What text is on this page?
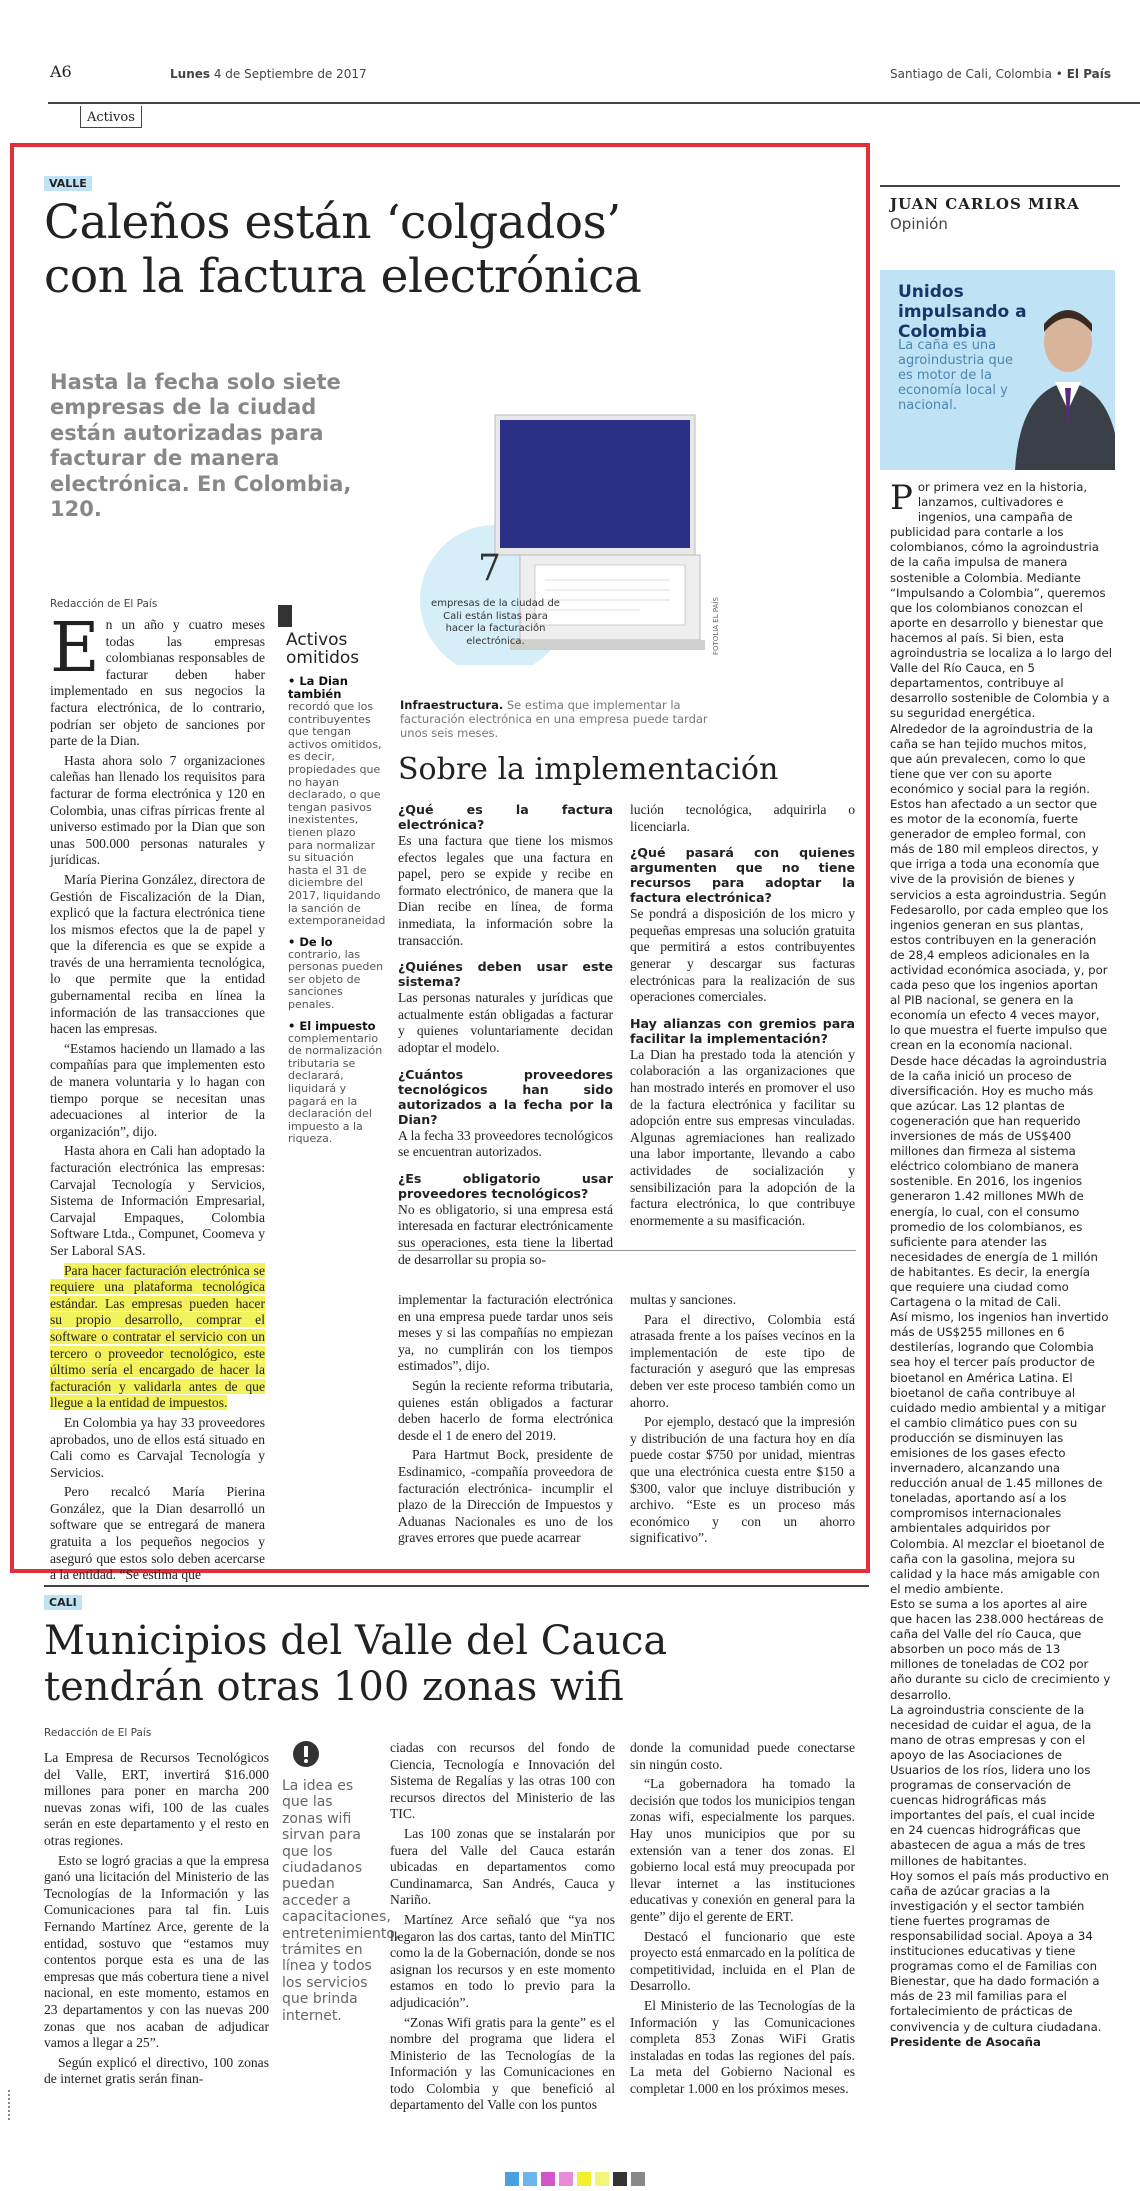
A6	Lunes 4 de Septiembre de 2017	Santiago de Cali, Colombia • El País
Activos
VALLE
Caleños están ‘colgados’
con la factura electrónica
Hasta la fecha solo siete empresas de la ciudad están autorizadas para facturar de manera electrónica. En Colombia, 120.
7
empresas de la ciudad de Cali están listas para hacer la facturación electrónica.	FOTOLIA EL PAÍS
Infraestructura. Se estima que implementar la facturación electrónica en una empresa puede tardar unos seis meses.
Redacción de El País
E n un año y cuatro meses todas las empresas colombianas responsables de facturar deben haber implementado en sus negocios la factura electrónica, de lo contrario, podrían ser objeto de sanciones por parte de la Dian.

Hasta ahora solo 7 organizaciones caleñas han llenado los requisitos para facturar de forma electrónica y 120 en Colombia, unas cifras pírricas frente al universo estimado por la Dian que son unas 500.000 personas naturales y jurídicas.

María Pierina González, directora de Gestión de Fiscalización de la Dian, explicó que la factura electrónica tiene los mismos efectos que la de papel y que la diferencia es que se expide a través de una herramienta tecnológica, lo que permite que la entidad gubernamental reciba en línea la información de las transacciones que hacen las empresas.

“Estamos haciendo un llamado a las compañías para que implementen esto de manera voluntaria y lo hagan con tiempo porque se necesitan unas adecuaciones al interior de la organización”, dijo.

Hasta ahora en Cali han adoptado la facturación electrónica las empresas: Carvajal Tecnología y Servicios, Sistema de Información Empresarial, Carvajal Empaques, Colombia Software Ltda., Compunet, Coomeva y Ser Laboral SAS.

Para hacer facturación electrónica se requiere una plataforma tecnológica estándar. Las empresas pueden hacer su propio desarrollo, comprar el software o contratar el servicio con un tercero o proveedor tecnológico, este último sería el encargado de hacer la facturación y validarla antes de que llegue a la entidad de impuestos.

En Colombia ya hay 33 proveedores aprobados, uno de ellos está situado en Cali como es Carvajal Tecnología y Servicios.

Pero recalcó María Pierina González, que la Dian desarrolló un software que se entregará de manera gratuita a los pequeños negocios y aseguró que estos solo deben acercarse a la entidad. “Se estima que

Activos omitidos
• La Dian también
recordó que los contribuyentes que tengan activos omitidos, es decir, propiedades que no hayan declarado, o que tengan pasivos inexistentes, tienen plazo para normalizar su situación hasta el 31 de diciembre del 2017, liquidando la sanción de extemporaneidad
• De lo
contrario, las personas pueden ser objeto de sanciones penales.
• El impuesto
complementario de normalización tributaria se declarará, liquidará y pagará en la declaración del impuesto a la riqueza.
Sobre la implementación
¿Qué es la factura electrónica?

Es una factura que tiene los mismos efectos legales que una factura en papel, pero se expide y recibe en formato electrónico, de manera que la Dian recibe en línea, de forma inmediata, la información sobre la transacción.

¿Quiénes deben usar este sistema?

Las personas naturales y jurídicas que actualmente están obligadas a facturar y quienes voluntariamente decidan adoptar el modelo.

¿Cuántos proveedores tecnológicos han sido autorizados a la fecha por la Dian?

A la fecha 33 proveedores tecnológicos se encuentran autorizados.

¿Es obligatorio usar proveedores tecnológicos?

No es obligatorio, si una empresa está interesada en facturar electrónicamente sus operaciones, esta tiene la libertad de desarrollar su propia so-

lución tecnológica, adquirirla o licenciarla.

¿Qué pasará con quienes argumenten que no tiene recursos para adoptar la factura electrónica?

Se pondrá a disposición de los micro y pequeñas empresas una solución gratuita que permitirá a estos contribuyentes generar y descargar sus facturas electrónicas para la realización de sus operaciones comerciales.

Hay alianzas con gremios para facilitar la implementación?

La Dian ha prestado toda la atención y colaboración a las organizaciones que han mostrado interés en promover el uso de la factura electrónica y facilitar su adopción entre sus empresas vinculadas. Algunas agremiaciones han realizado una labor importante, llevando a cabo actividades de socialización y sensibilización para la adopción de la factura electrónica, lo que contribuye enormemente a su masificación.

implementar la facturación electrónica en una empresa puede tardar unos seis meses y si las compañías no empiezan ya, no cumplirán con los tiempos estimados”, dijo.

Según la reciente reforma tributaria, quienes están obligados a facturar deben hacerlo de forma electrónica desde el 1 de enero del 2019.

Para Hartmut Bock, presidente de Esdinamico, -compañía proveedora de facturación electrónica- incumplir el plazo de la Dirección de Impuestos y Aduanas Nacionales es uno de los graves errores que puede acarrear

multas y sanciones.

Para el directivo, Colombia está atrasada frente a los países vecinos en la implementación de este tipo de facturación y aseguró que las empresas deben ver este proceso también como un ahorro.

Por ejemplo, destacó que la impresión y distribución de una factura hoy en día puede costar $750 por unidad, mientras que una electrónica cuesta entre $150 a $300, valor que incluye distribución y archivo. “Este es un proceso más económico y con un ahorro significativo”.

JUAN CARLOS MIRA
Opinión
Unidos impulsando a Colombia
La caña es una agroindustria que es motor de la economía local y nacional.
P or primera vez en la historia, lanzamos, cultivadores e ingenios, una campaña de publicidad para contarle a los colombianos, cómo la agroindustria de la caña impulsa de manera sostenible a Colombia. Mediante “Impulsando a Colombia”, queremos que los colombianos conozcan el aporte en desarrollo y bienestar que hacemos al país. Si bien, esta agroindustria se localiza a lo largo del Valle del Río Cauca, en 5 departamentos, contribuye al desarrollo sostenible de Colombia y a su seguridad energética.

Alrededor de la agroindustria de la caña se han tejido muchos mitos, que aún prevalecen, como lo que tiene que ver con su aporte económico y social para la región. Estos han afectado a un sector que es motor de la economía, fuerte generador de empleo formal, con más de 180 mil empleos directos, y que irriga a toda una economía que vive de la provisión de bienes y servicios a esta agroindustria. Según Fedesarollo, por cada empleo que los ingenios generan en sus plantas, estos contribuyen en la generación de 28,4 empleos adicionales en la actividad económica asociada, y, por cada peso que los ingenios aportan al PIB nacional, se genera en la economía un efecto 4 veces mayor, lo que muestra el fuerte impulso que crean en la economía nacional.

Desde hace décadas la agroindustria de la caña inició un proceso de diversificación. Hoy es mucho más que azúcar. Las 12 plantas de cogeneración que han requerido inversiones de más de US$400 millones dan firmeza al sistema eléctrico colombiano de manera sostenible. En 2016, los ingenios generaron 1.42 millones MWh de energía, lo cual, con el consumo promedio de los colombianos, es suficiente para atender las necesidades de energía de 1 millón de habitantes. Es decir, la energía que requiere una ciudad como Cartagena o la mitad de Cali.

Así mismo, los ingenios han invertido más de US$255 millones en 6 destilerías, logrando que Colombia sea hoy el tercer país productor de bioetanol en América Latina. El bioetanol de caña contribuye al cuidado medio ambiental y a mitigar el cambio climático pues con su producción se disminuyen las emisiones de los gases efecto invernadero, alcanzando una reducción anual de 1.45 millones de toneladas, aportando así a los compromisos internacionales ambientales adquiridos por Colombia. Al mezclar el bioetanol de caña con la gasolina, mejora su calidad y la hace más amigable con el medio ambiente.

Esto se suma a los aportes al aire que hacen las 238.000 hectáreas de caña del Valle del río Cauca, que absorben un poco más de 13 millones de toneladas de CO2 por año durante su ciclo de crecimiento y desarrollo.

La agroindustria consciente de la necesidad de cuidar el agua, de la mano de otras empresas y con el apoyo de las Asociaciones de Usuarios de los ríos, lidera uno los programas de conservación de cuencas hidrográficas más importantes del país, el cual incide en 24 cuencas hidrográficas que abastecen de agua a más de tres millones de habitantes.

Hoy somos el país más productivo en caña de azúcar gracias a la investigación y el sector también tiene fuertes programas de responsabilidad social. Apoya a 34 instituciones educativas y tiene programas como el de Familias con Bienestar, que ha dado formación a más de 23 mil familias para el fortalecimiento de prácticas de convivencia y de cultura ciudadana.

Presidente de Asocaña

CALI
Municipios del Valle del Cauca
tendrán otras 100 zonas wifi
Redacción de El País

La Empresa de Recursos Tecnológicos del Valle, ERT, invertirá $16.000 millones para poner en marcha 200 nuevas zonas wifi, 100 de las cuales serán en este departamento y el resto en otras regiones.

Esto se logró gracias a que la empresa ganó una licitación del Ministerio de las Tecnologías de la Información y las Comunicaciones para tal fin. Luis Fernando Martínez Arce, gerente de la entidad, sostuvo que “estamos muy contentos porque esta es una de las empresas que más cobertura tiene a nivel nacional, en este momento, estamos en 23 departamentos y con las nuevas 200 zonas que nos acaban de adjudicar vamos a llegar a 25”.

Según explicó el directivo, 100 zonas de internet gratis serán finan-

La idea es que las zonas wifi sirvan para que los ciudadanos puedan acceder a capacitaciones, entretenimiento, trámites en línea y todos los servicios que brinda internet.

ciadas con recursos del fondo de Ciencia, Tecnología e Innovación del Sistema de Regalías y las otras 100 con recursos directos del Ministerio de las TIC.

Las 100 zonas que se instalarán por fuera del Valle del Cauca estarán ubicadas en departamentos como Cundinamarca, San Andrés, Cauca y Nariño.

Martínez Arce señaló que “ya nos llegaron las dos cartas, tanto del MinTIC como la de la Gobernación, donde se nos asignan los recursos y en este momento estamos en todo lo previo para la adjudicación”.

“Zonas Wifi gratis para la gente” es el nombre del programa que lidera el Ministerio de las Tecnologías de la Información y las Comunicaciones en todo Colombia y que benefició al departamento del Valle con los puntos

donde la comunidad puede conectarse sin ningún costo.

“La gobernadora ha tomado la decisión que todos los municipios tengan zonas wifi, especialmente los parques. Hay unos municipios que por su extensión van a tener dos zonas. El gobierno local está muy preocupada por llevar internet a las instituciones educativas y conexión en general para la gente” dijo el gerente de ERT.

Destacó el funcionario que este proyecto está enmarcado en la política de competitividad, incluida en el Plan de Desarrollo.

El Ministerio de las Tecnologías de la Información y las Comunicaciones completa 853 Zonas WiFi Gratis instaladas en todas las regiones del país. La meta del Gobierno Nacional es completar 1.000 en los próximos meses.
